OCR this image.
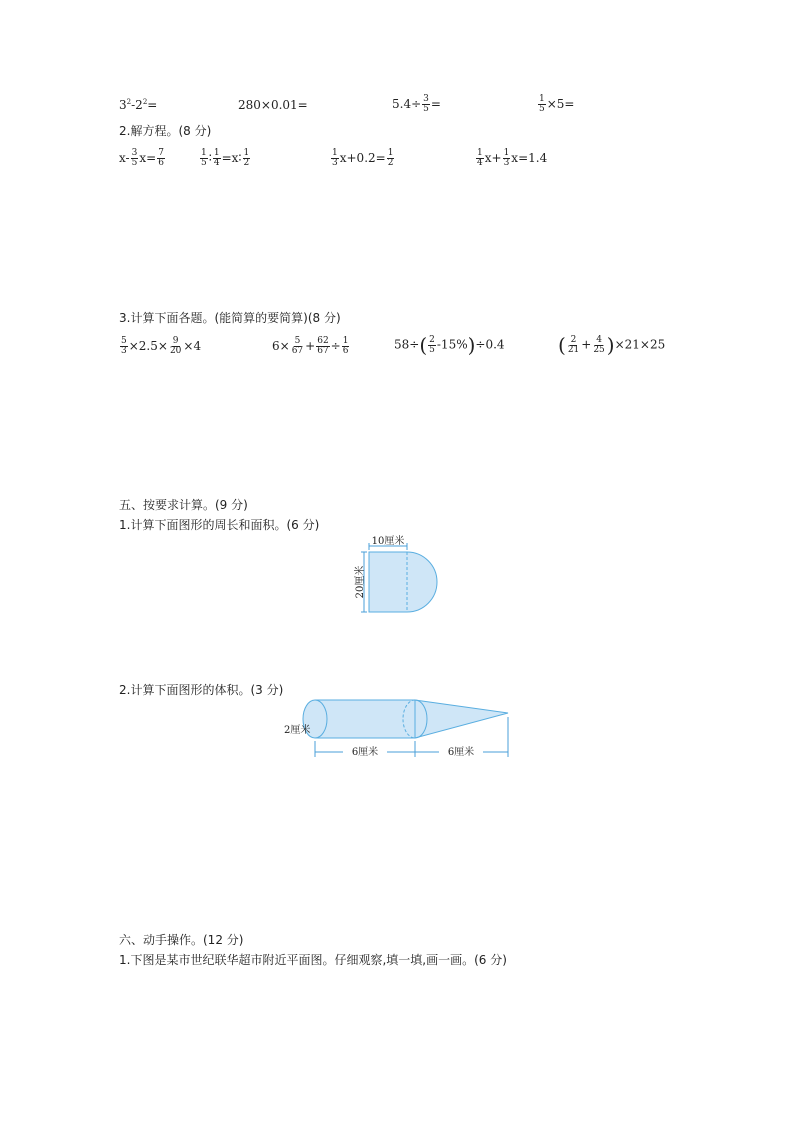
$3^2-2^2=$	280×0.01=	$5.4\div \frac{3}{5}$ =	$\frac{1}{5} \times 5=$
2.解方程。(8 分)
$x- \frac{3}{5} x= \frac{7}{6}$	$\frac{1}{5}$ ∶ $\frac{1}{4}$ =x∶ $\frac{1}{2}$	$\frac{1}{3} x+0.2= \frac{1}{2}$	$\frac{1}{4} x+ \frac{1}{3} x=1.4$
3.计算下面各题。(能简算的要简算)(8 分)
$\frac{5}{3} \times 2.5\times \frac{9}{20} \times 4$	$6\times \frac{5}{67} + \frac{62}{67} \div \frac{1}{6}$	$58\div( \frac{2}{5} -15\%)\div 0.4$	( $\frac{2}{21} + \frac{4}{25} )\times 21\times 25$
五、按要求计算。(9 分)
1.计算下面图形的周长和面积。(6 分)
10厘米
20厘米
2.计算下面图形的体积。(3 分)
6厘米	6厘米
2厘米
六、动手操作。(12 分)
1.下图是某市世纪联华超市附近平面图。仔细观察,填一填,画一画。(6 分)
